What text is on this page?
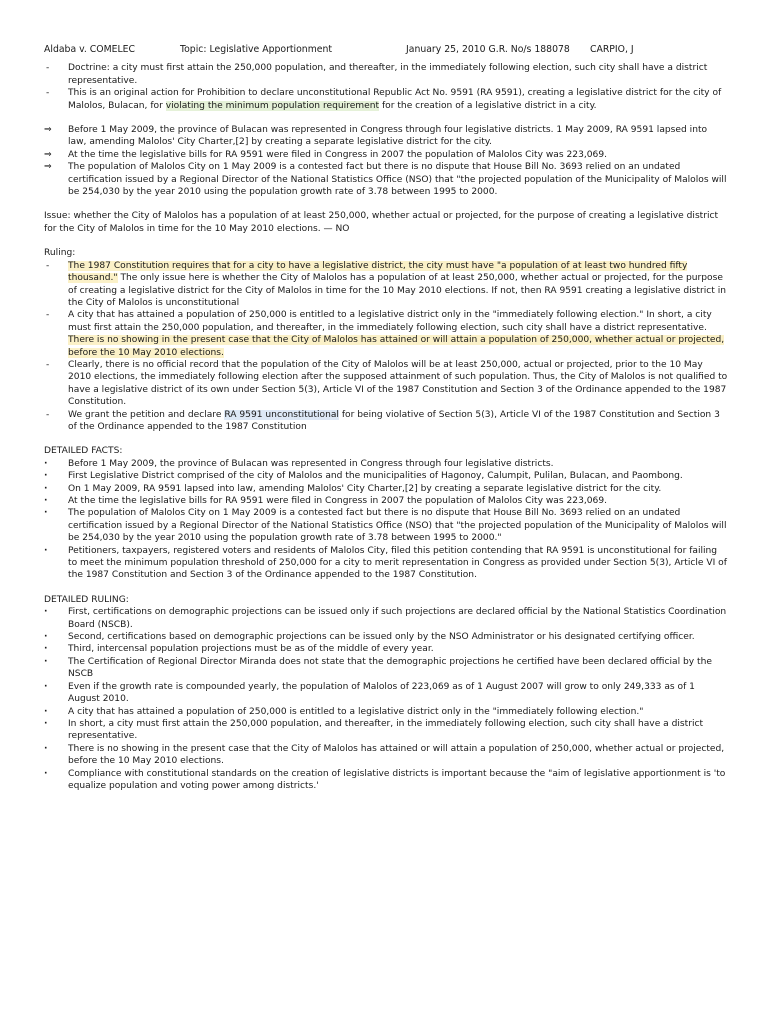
Aldaba v. COMELEC	Topic: Legislative Apportionment	January 25, 2010 G.R. No/s 188078	CARPIO, J
- Doctrine: a city must first attain the 250,000 population, and thereafter, in the immediately following election, such city shall have a district representative.
- This is an original action for Prohibition to declare unconstitutional Republic Act No. 9591 (RA 9591), creating a legislative district for the city of Malolos, Bulacan, for violating the minimum population requirement for the creation of a legislative district in a city.
⇒ Before 1 May 2009, the province of Bulacan was represented in Congress through four legislative districts. 1 May 2009, RA 9591 lapsed into law, amending Malolos' City Charter,[2] by creating a separate legislative district for the city.
⇒ At the time the legislative bills for RA 9591 were filed in Congress in 2007 the population of Malolos City was 223,069.
⇒ The population of Malolos City on 1 May 2009 is a contested fact but there is no dispute that House Bill No. 3693 relied on an undated certification issued by a Regional Director of the National Statistics Office (NSO) that "the projected population of the Municipality of Malolos will be 254,030 by the year 2010 using the population growth rate of 3.78 between 1995 to 2000.

Issue: whether the City of Malolos has a population of at least 250,000, whether actual or projected, for the purpose of creating a legislative district for the City of Malolos in time for the 10 May 2010 elections. — NO

Ruling:

- The 1987 Constitution requires that for a city to have a legislative district, the city must have "a population of at least two hundred fifty thousand." The only issue here is whether the City of Malolos has a population of at least 250,000, whether actual or projected, for the purpose of creating a legislative district for the City of Malolos in time for the 10 May 2010 elections. If not, then RA 9591 creating a legislative district in the City of Malolos is unconstitutional
- A city that has attained a population of 250,000 is entitled to a legislative district only in the "immediately following election." In short, a city must first attain the 250,000 population, and thereafter, in the immediately following election, such city shall have a district representative. There is no showing in the present case that the City of Malolos has attained or will attain a population of 250,000, whether actual or projected, before the 10 May 2010 elections.
- Clearly, there is no official record that the population of the City of Malolos will be at least 250,000, actual or projected, prior to the 10 May 2010 elections, the immediately following election after the supposed attainment of such population. Thus, the City of Malolos is not qualified to have a legislative district of its own under Section 5(3), Article VI of the 1987 Constitution and Section 3 of the Ordinance appended to the 1987 Constitution.
- We grant the petition and declare RA 9591 unconstitutional for being violative of Section 5(3), Article VI of the 1987 Constitution and Section 3 of the Ordinance appended to the 1987 Constitution

DETAILED FACTS:

· Before 1 May 2009, the province of Bulacan was represented in Congress through four legislative districts.
· First Legislative District comprised of the city of Malolos and the municipalities of Hagonoy, Calumpit, Pulilan, Bulacan, and Paombong.
· On 1 May 2009, RA 9591 lapsed into law, amending Malolos' City Charter,[2] by creating a separate legislative district for the city.
· At the time the legislative bills for RA 9591 were filed in Congress in 2007 the population of Malolos City was 223,069.
· The population of Malolos City on 1 May 2009 is a contested fact but there is no dispute that House Bill No. 3693 relied on an undated certification issued by a Regional Director of the National Statistics Office (NSO) that "the projected population of the Municipality of Malolos will be 254,030 by the year 2010 using the population growth rate of 3.78 between 1995 to 2000."
· Petitioners, taxpayers, registered voters and residents of Malolos City, filed this petition contending that RA 9591 is unconstitutional for failing to meet the minimum population threshold of 250,000 for a city to merit representation in Congress as provided under Section 5(3), Article VI of the 1987 Constitution and Section 3 of the Ordinance appended to the 1987 Constitution.

DETAILED RULING:

· First, certifications on demographic projections can be issued only if such projections are declared official by the National Statistics Coordination Board (NSCB).
· Second, certifications based on demographic projections can be issued only by the NSO Administrator or his designated certifying officer.
· Third, intercensal population projections must be as of the middle of every year.
· The Certification of Regional Director Miranda does not state that the demographic projections he certified have been declared official by the NSCB
· Even if the growth rate is compounded yearly, the population of Malolos of 223,069 as of 1 August 2007 will grow to only 249,333 as of 1 August 2010.
· A city that has attained a population of 250,000 is entitled to a legislative district only in the "immediately following election."
· In short, a city must first attain the 250,000 population, and thereafter, in the immediately following election, such city shall have a district representative.
· There is no showing in the present case that the City of Malolos has attained or will attain a population of 250,000, whether actual or projected, before the 10 May 2010 elections.
· Compliance with constitutional standards on the creation of legislative districts is important because the "aim of legislative apportionment is 'to equalize population and voting power among districts.'
